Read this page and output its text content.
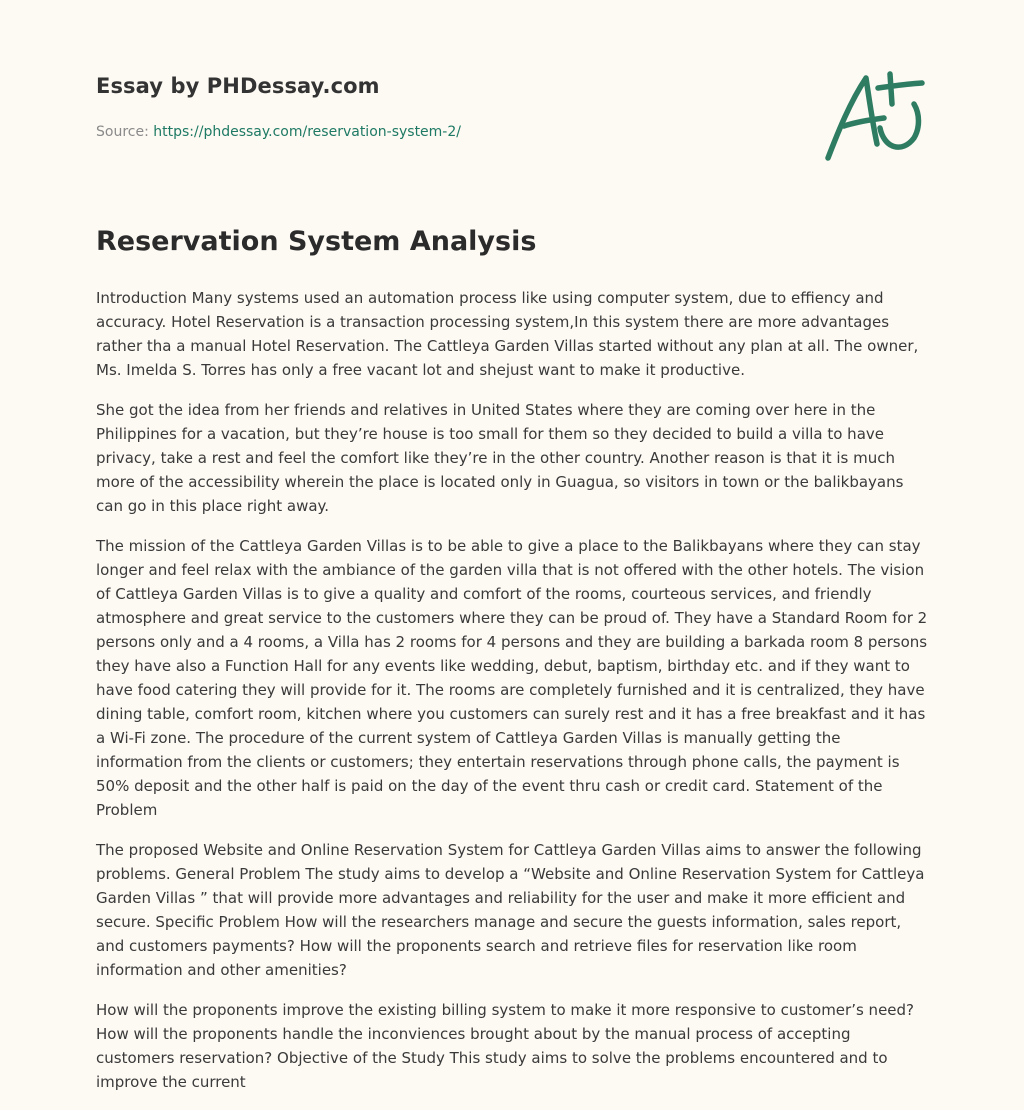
Essay by PHDessay.com
Source: https://phdessay.com/reservation-system-2/
Reservation System Analysis

Introduction Many systems used an automation process like using computer system, due to effiency and accuracy. Hotel Reservation is a transaction processing system,In this system there are more advantages rather tha a manual Hotel Reservation. The Cattleya Garden Villas started without any plan at all. The owner, Ms. Imelda S. Torres has only a free vacant lot and shejust want to make it productive.

She got the idea from her friends and relatives in United States where they are coming over here in the Philippines for a vacation, but they’re house is too small for them so they decided to build a villa to have privacy, take a rest and feel the comfort like they’re in the other country. Another reason is that it is much more of the accessibility wherein the place is located only in Guagua, so visitors in town or the balikbayans can go in this place right away.

The mission of the Cattleya Garden Villas is to be able to give a place to the Balikbayans where they can stay longer and feel relax with the ambiance of the garden villa that is not offered with the other hotels. The vision of Cattleya Garden Villas is to give a quality and comfort of the rooms, courteous services, and friendly atmosphere and great service to the customers where they can be proud of. They have a Standard Room for 2 persons only and a 4 rooms, a Villa has 2 rooms for 4 persons and they are building a barkada room 8 persons they have also a Function Hall for any events like wedding, debut, baptism, birthday etc. and if they want to have food catering they will provide for it. The rooms are completely furnished and it is centralized, they have dining table, comfort room, kitchen where you customers can surely rest and it has a free breakfast and it has a Wi-Fi zone. The procedure of the current system of Cattleya Garden Villas is manually getting the information from the clients or customers; they entertain reservations through phone calls, the payment is 50% deposit and the other half is paid on the day of the event thru cash or credit card. Statement of the Problem

The proposed Website and Online Reservation System for Cattleya Garden Villas aims to answer the following problems. General Problem The study aims to develop a “Website and Online Reservation System for Cattleya Garden Villas ” that will provide more advantages and reliability for the user and make it more efficient and secure. Specific Problem How will the researchers manage and secure the guests information, sales report, and customers payments? How will the proponents search and retrieve files for reservation like room information and other amenities?

How will the proponents improve the existing billing system to make it more responsive to customer’s need? How will the proponents handle the inconviences brought about by the manual process of accepting customers reservation? Objective of the Study This study aims to solve the problems encountered and to improve the current
